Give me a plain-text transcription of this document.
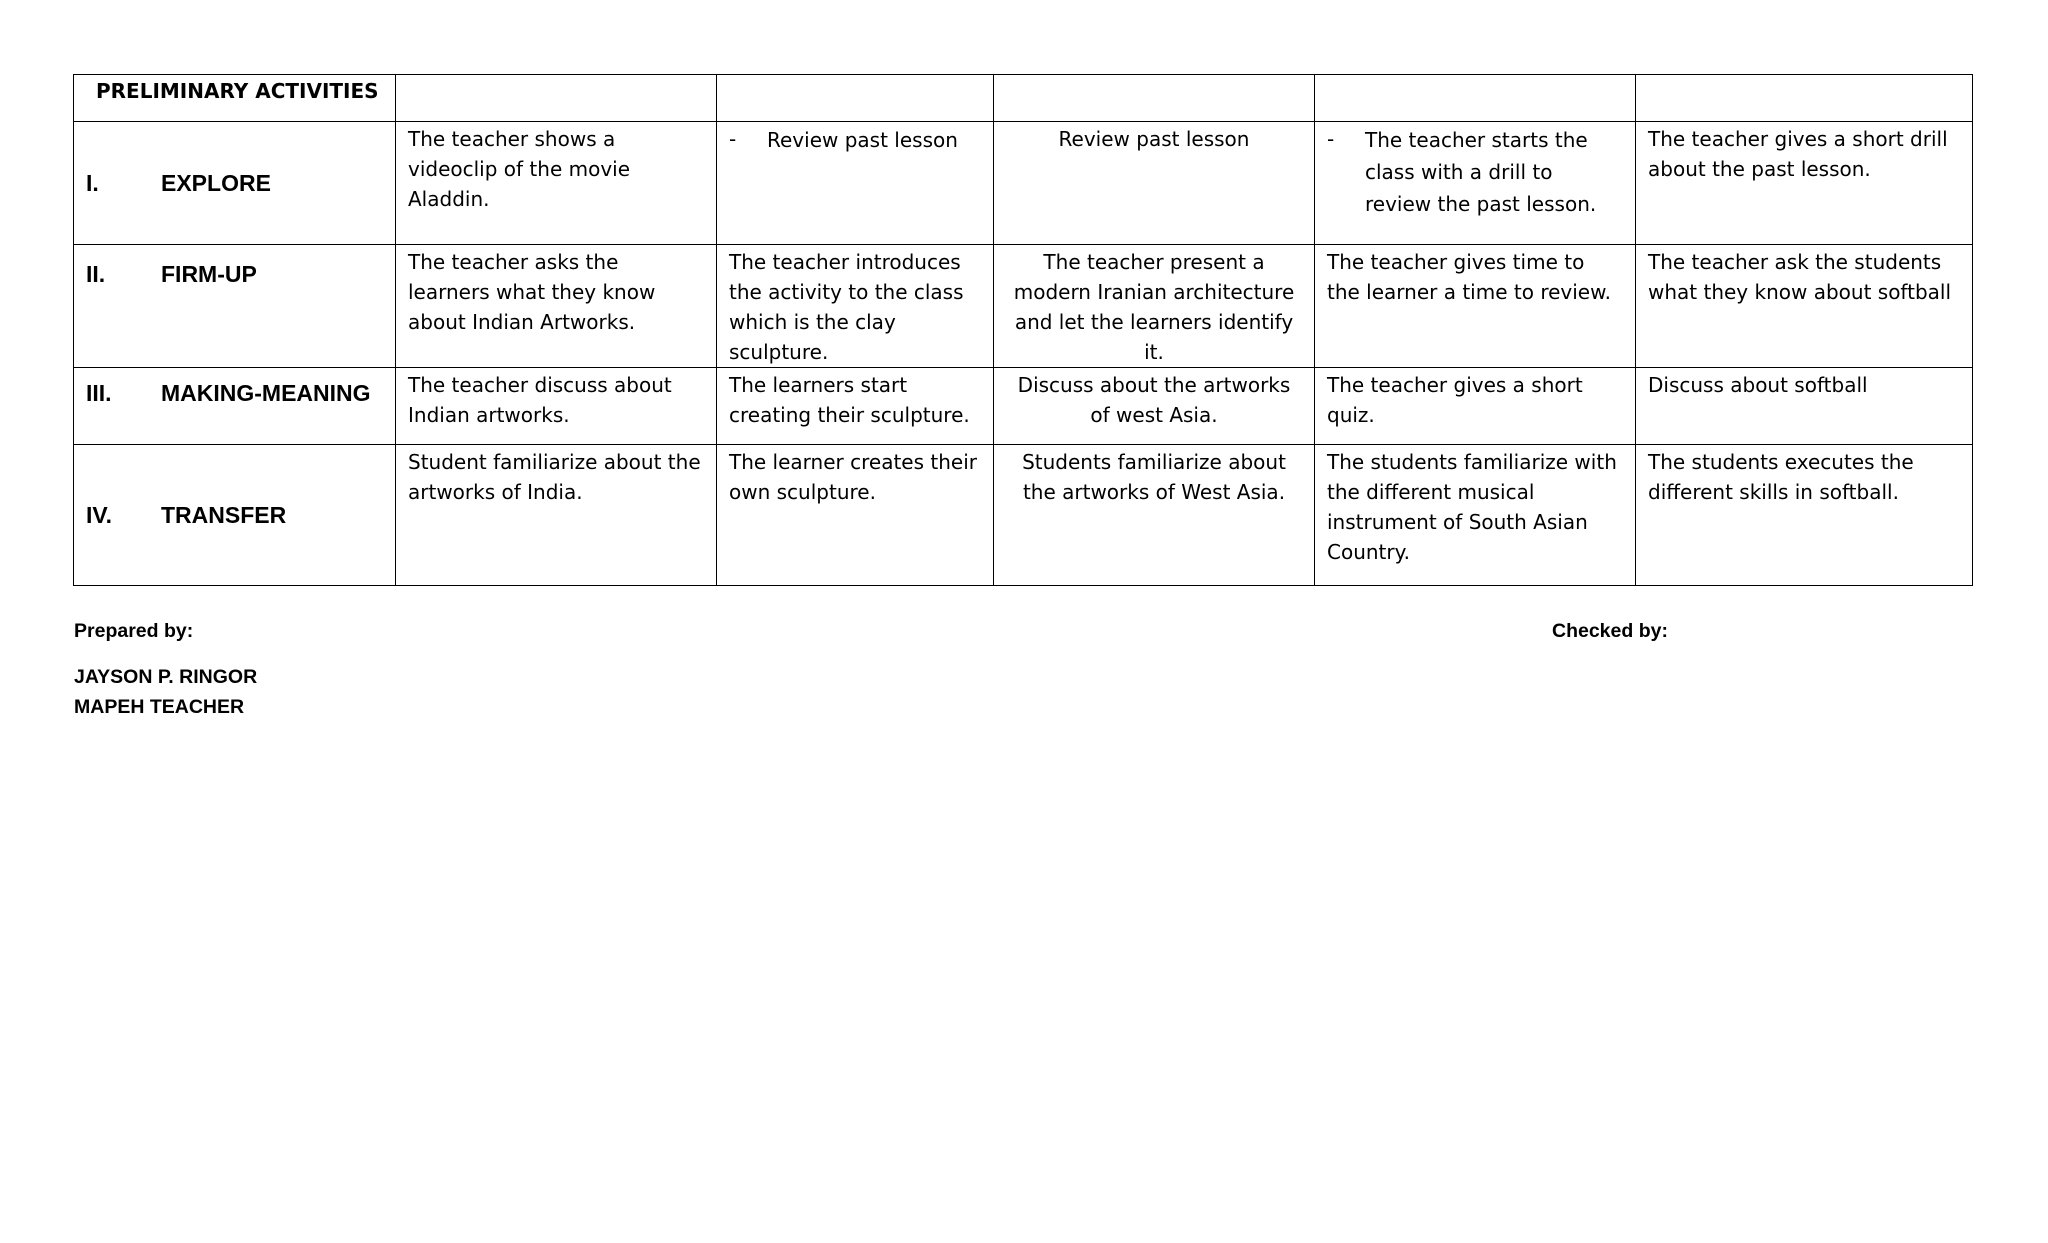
PRELIMINARY ACTIVITIES					

I. EXPLORE	The teacher shows a videoclip of the movie Aladdin.	- Review past lesson	Review past lesson	- The teacher starts the class with a drill to review the past lesson.	The teacher gives a short drill about the past lesson.

II. FIRM-UP	The teacher asks the learners what they know about Indian Artworks.	The teacher introduces the activity to the class which is the clay sculpture.	The teacher present a modern Iranian architecture and let the learners identify it.	The teacher gives time to the learner a time to review.	The teacher ask the students what they know about softball

III. MAKING-MEANING	The teacher discuss about Indian artworks.	The learners start creating their sculpture.	Discuss about the artworks of west Asia.	The teacher gives a short quiz.	Discuss about softball

IV. TRANSFER	Student familiarize about the artworks of India.	The learner creates their own sculpture.	Students familiarize about the artworks of West Asia.	The students familiarize with the different musical instrument of South Asian Country.	The students executes the different skills in softball.
Prepared by:	Checked by:
JAYSON P. RINGOR
MAPEH TEACHER
